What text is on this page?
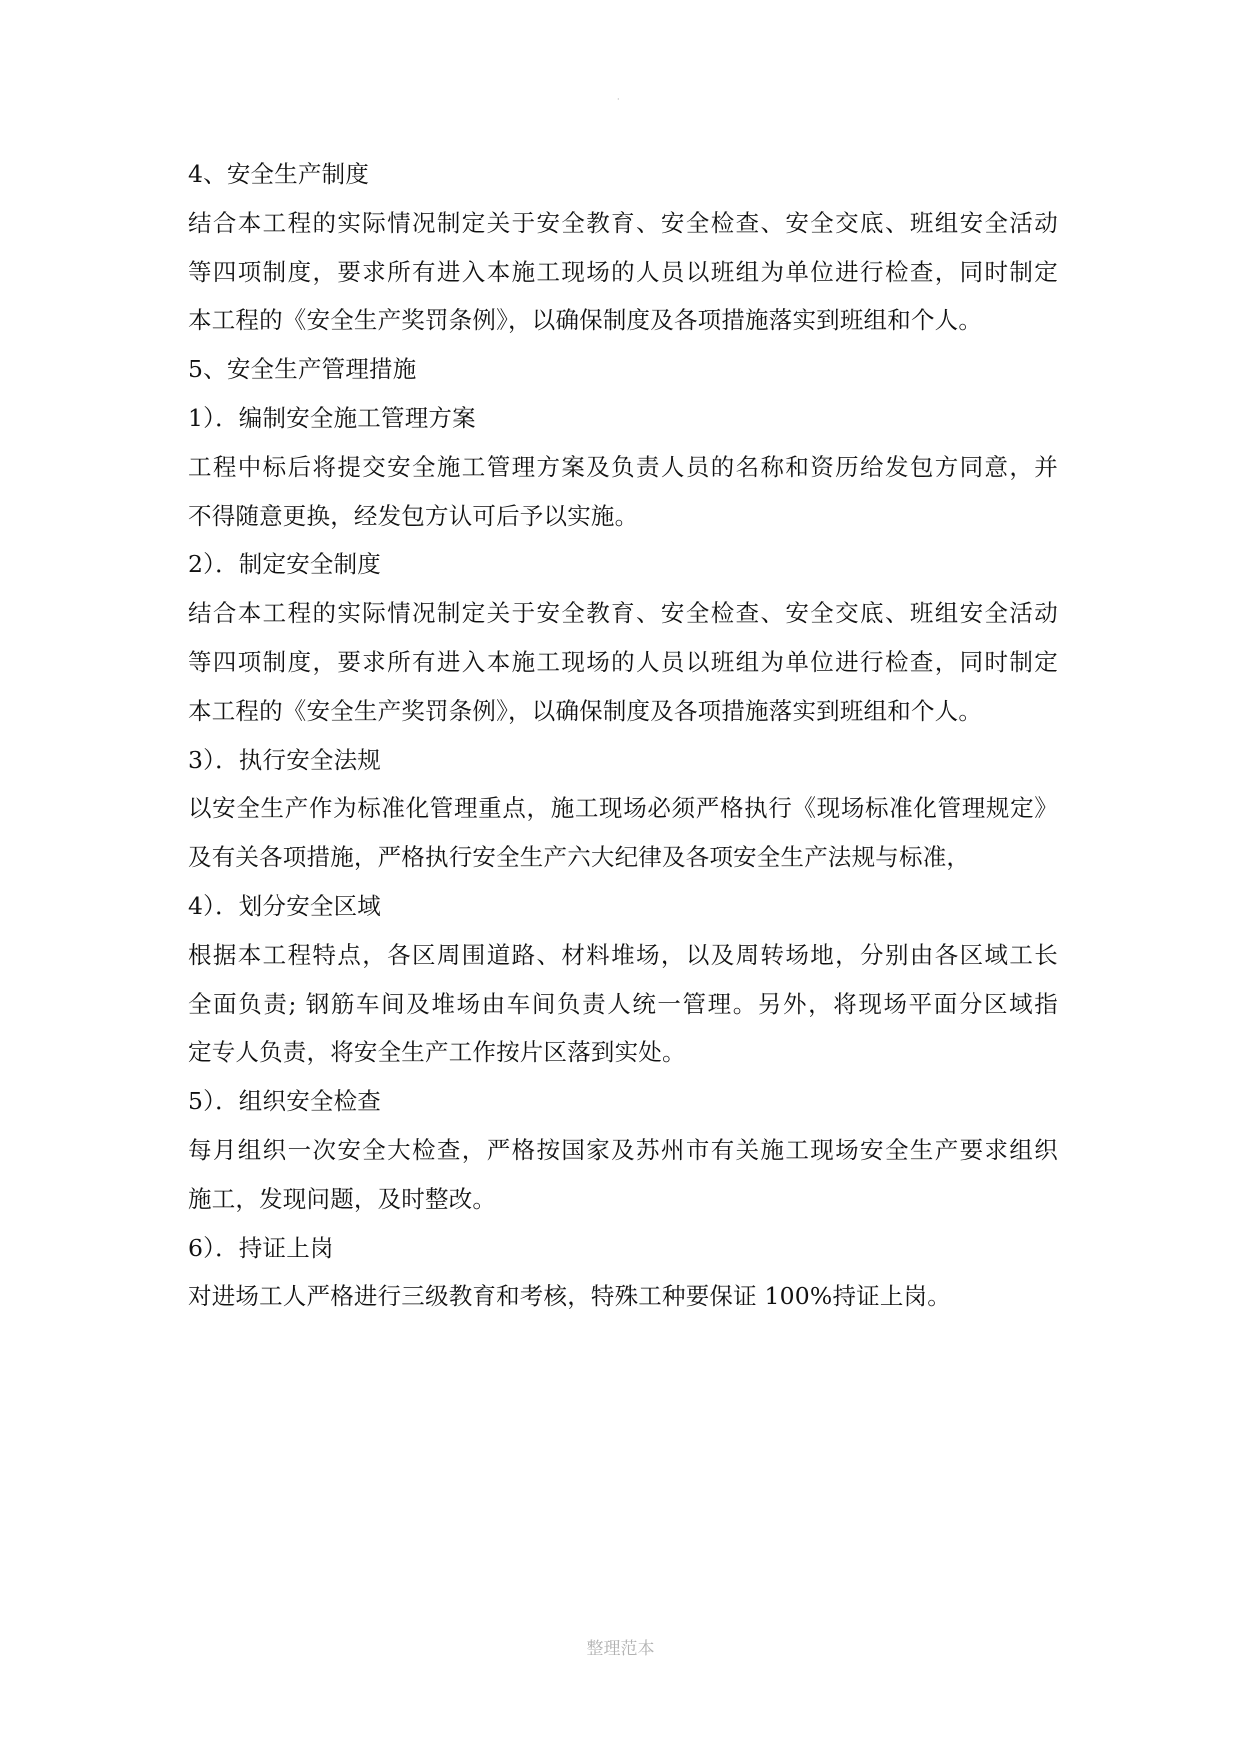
·
4、安全生产制度
结合本工程的实际情况制定关于安全教育、安全检查、安全交底、班组安全活动
等四项制度，要求所有进入本施工现场的人员以班组为单位进行检查，同时制定
本工程的《安全生产奖罚条例》，以确保制度及各项措施落实到班组和个人。
5、安全生产管理措施
1）．编制安全施工管理方案
工程中标后将提交安全施工管理方案及负责人员的名称和资历给发包方同意，并
不得随意更换，经发包方认可后予以实施。
2）．制定安全制度
结合本工程的实际情况制定关于安全教育、安全检查、安全交底、班组安全活动
等四项制度，要求所有进入本施工现场的人员以班组为单位进行检查，同时制定
本工程的《安全生产奖罚条例》，以确保制度及各项措施落实到班组和个人。
3）．执行安全法规
以安全生产作为标准化管理重点，施工现场必须严格执行《现场标准化管理规定》
及有关各项措施，严格执行安全生产六大纪律及各项安全生产法规与标准，
4）．划分安全区域
根据本工程特点，各区周围道路、材料堆场，以及周转场地，分别由各区域工长
全面负责; 钢筋车间及堆场由车间负责人统一管理。另外，将现场平面分区域指
定专人负责，将安全生产工作按片区落到实处。
5）．组织安全检查
每月组织一次安全大检查，严格按国家及苏州市有关施工现场安全生产要求组织
施工，发现问题，及时整改。
6）．持证上岗
对进场工人严格进行三级教育和考核，特殊工种要保证 100%持证上岗。
整理范本
